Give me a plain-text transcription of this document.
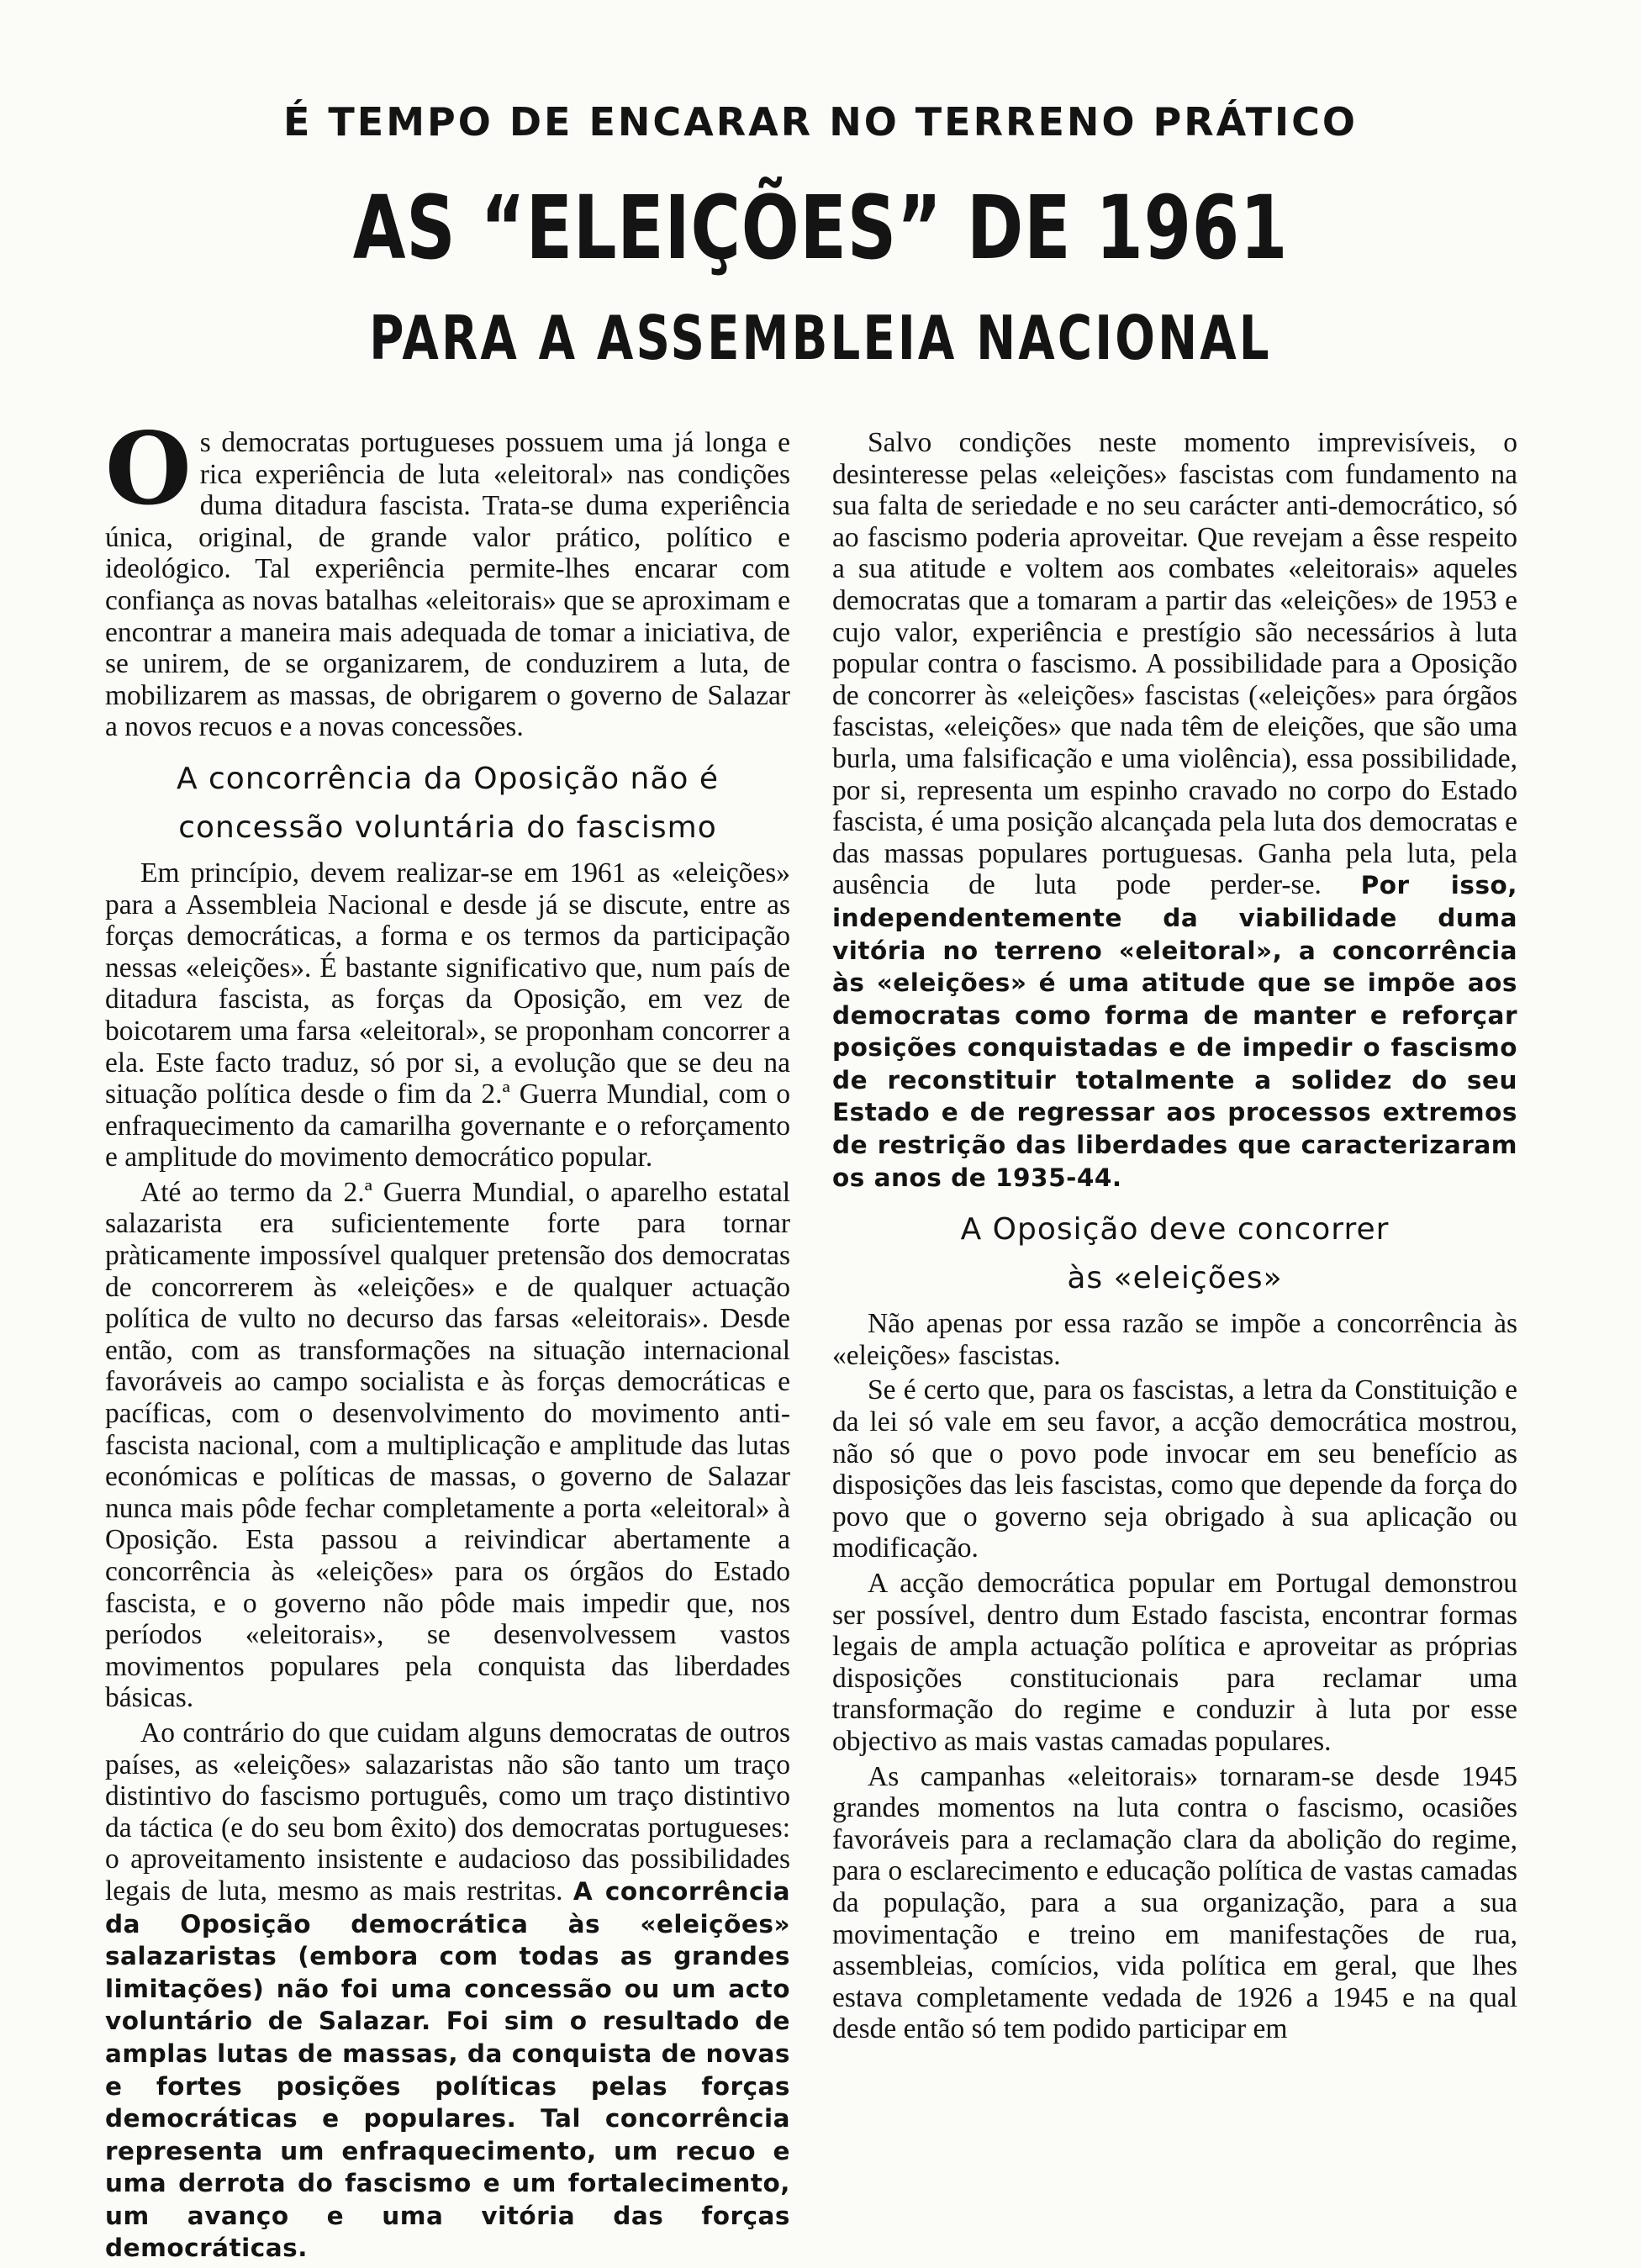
É TEMPO DE ENCARAR NO TERRENO PRÁTICO
AS “ELEIÇÕES” DE 1961
PARA A ASSEMBLEIA NACIONAL

Os democratas portugueses possuem uma já longa e rica experiência de luta «eleitoral» nas condições duma ditadura fascista. Trata-se duma experiência única, original, de grande valor prático, político e ideológico. Tal experiência permite-lhes encarar com confiança as novas batalhas «eleitorais» que se aproximam e encontrar a maneira mais adequada de tomar a iniciativa, de se unirem, de se organizarem, de conduzirem a luta, de mobilizarem as massas, de obrigarem o governo de Salazar a novos recuos e a novas concessões.

A concorrência da Oposição não é
concessão voluntária do fascismo

Em princípio, devem realizar-se em 1961 as «eleições» para a Assembleia Nacional e desde já se discute, entre as forças democráticas, a forma e os termos da participação nessas «eleições». É bastante significativo que, num país de ditadura fascista, as forças da Oposição, em vez de boicotarem uma farsa «eleitoral», se proponham concorrer a ela. Este facto traduz, só por si, a evolução que se deu na situação política desde o fim da 2.ª Guerra Mundial, com o enfraquecimento da camarilha governante e o reforçamento e amplitude do movimento democrático popular.

Até ao termo da 2.ª Guerra Mundial, o aparelho estatal salazarista era suficientemente forte para tornar pràticamente impossível qualquer pretensão dos democratas de concorrerem às «eleições» e de qualquer actuação política de vulto no decurso das farsas «eleitorais». Desde então, com as transformações na situação internacional favoráveis ao campo socialista e às forças democráticas e pacíficas, com o desenvolvimento do movimento anti-fascista nacional, com a multiplicação e amplitude das lutas económicas e políticas de massas, o governo de Salazar nunca mais pôde fechar completamente a porta «eleitoral» à Oposição. Esta passou a reivindicar abertamente a concorrência às «eleições» para os órgãos do Estado fascista, e o governo não pôde mais impedir que, nos períodos «eleitorais», se desenvolvessem vastos movimentos populares pela conquista das liberdades básicas.

Ao contrário do que cuidam alguns democratas de outros países, as «eleições» salazaristas não são tanto um traço distintivo do fascismo português, como um traço distintivo da táctica (e do seu bom êxito) dos democratas portugueses: o aproveitamento insistente e audacioso das possibilidades legais de luta, mesmo as mais restritas. A concorrência da Oposição democrática às «eleições» salazaristas (embora com todas as grandes limitações) não foi uma concessão ou um acto voluntário de Salazar. Foi sim o resultado de amplas lutas de massas, da conquista de novas e fortes posições políticas pelas forças democráticas e populares. Tal concorrência representa um enfraquecimento, um recuo e uma derrota do fascismo e um fortalecimento, um avanço e uma vitória das forças democráticas.

Salvo condições neste momento imprevisíveis, o desinteresse pelas «eleições» fascistas com fundamento na sua falta de seriedade e no seu carácter anti-democrático, só ao fascismo poderia aproveitar. Que revejam a êsse respeito a sua atitude e voltem aos combates «eleitorais» aqueles democratas que a tomaram a partir das «eleições» de 1953 e cujo valor, experiência e prestígio são necessários à luta popular contra o fascismo. A possibilidade para a Oposição de concorrer às «eleições» fascistas («eleições» para órgãos fascistas, «eleições» que nada têm de eleições, que são uma burla, uma falsificação e uma violência), essa possibilidade, por si, representa um espinho cravado no corpo do Estado fascista, é uma posição alcançada pela luta dos democratas e das massas populares portuguesas. Ganha pela luta, pela ausência de luta pode perder-se. Por isso, independentemente da viabilidade duma vitória no terreno «eleitoral», a concorrência às «eleições» é uma atitude que se impõe aos democratas como forma de manter e reforçar posições conquistadas e de impedir o fascismo de reconstituir totalmente a solidez do seu Estado e de regressar aos processos extremos de restrição das liberdades que caracterizaram os anos de 1935-44.

A Oposição deve concorrer
às «eleições»

Não apenas por essa razão se impõe a concorrência às «eleições» fascistas.

Se é certo que, para os fascistas, a letra da Constituição e da lei só vale em seu favor, a acção democrática mostrou, não só que o povo pode invocar em seu benefício as disposições das leis fascistas, como que depende da força do povo que o governo seja obrigado à sua aplicação ou modificação.

A acção democrática popular em Portugal demonstrou ser possível, dentro dum Estado fascista, encontrar formas legais de ampla actuação política e aproveitar as próprias disposições constitucionais para reclamar uma transformação do regime e conduzir à luta por esse objectivo as mais vastas camadas populares.

As campanhas «eleitorais» tornaram-se desde 1945 grandes momentos na luta contra o fascismo, ocasiões favoráveis para a reclamação clara da abolição do regime, para o esclarecimento e educação política de vastas camadas da população, para a sua organização, para a sua movimentação e treino em manifestações de rua, assembleias, comícios, vida política em geral, que lhes estava completamente vedada de 1926 a 1945 e na qual desde então só tem podido participar em
